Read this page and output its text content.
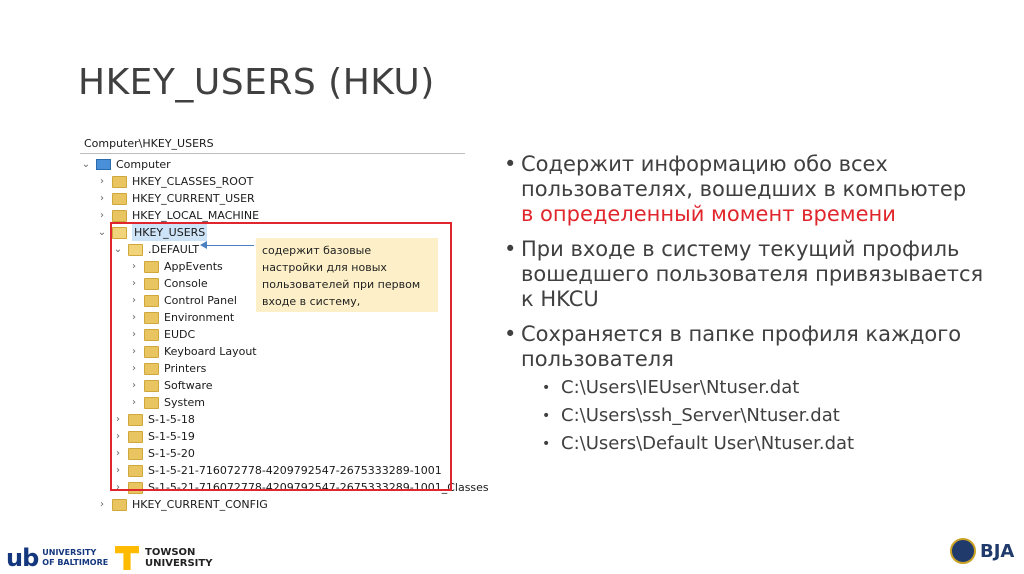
HKEY_USERS (HKU)
Computer\HKEY_USERS
⌄ Computer
›	HKEY_CLASSES_ROOT
›	HKEY_CURRENT_USER
›	HKEY_LOCAL_MACHINE
⌄	HKEY_USERS
⌄ .DEFAULT
›	AppEvents
›	Console
›	Control Panel
›	Environment
›	EUDC
›	Keyboard Layout
›	Printers
›	Software
›	System
›	S-1-5-18
›	S-1-5-19
›	S-1-5-20
›	S-1-5-21-716072778-4209792547-2675333289-1001
›	S-1-5-21-716072778-4209792547-2675333289-1001_Classes
›	HKEY_CURRENT_CONFIG
содержит базовые настройки для новых пользователей при первом входе в систему,
• Содержит информацию обо всех пользователях, вошедших в компьютер в определенный момент времени
• При входе в систему текущий профиль вошедшего пользователя привязывается к HKCU
• Сохраняется в папке профиля каждого пользователя
• C:\Users\IEUser\Ntuser.dat
• C:\Users\ssh_Server\Ntuser.dat
• C:\Users\Default User\Ntuser.dat
ub UNIVERSITY
OF BALTIMORE
TOWSON
UNIVERSITY
BJA
